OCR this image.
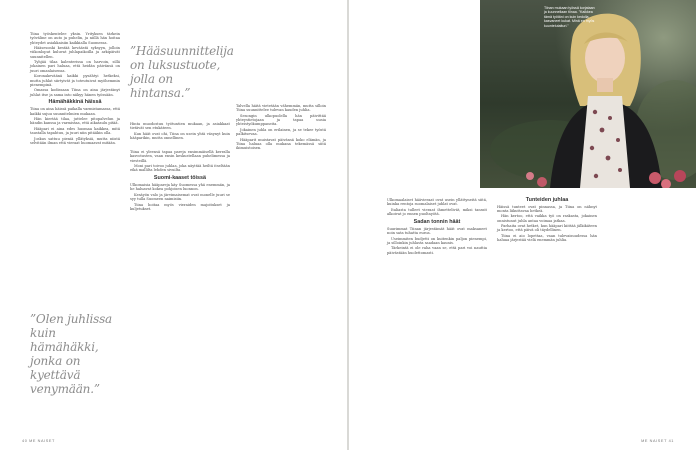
Tiina työskentelee yksin. Yrityksen tärkein työväline on auto ja puhelin, ja niillä hän hoitaa yhteydet asiakkaisiin kaikkialla Suomessa.

Hääsesonki kestää keväästä syksyyn, jolloin viikonloput kuluvat juhlapaikoilla ja arkipäivät suunnitellen.

Tyhjää tilaa kalenterissa on harvoin, sillä jokainen pari haluaa, että heidän päivänsä on juuri omanlaisensa.

Koronakeväänä kaikki pysähtyi hetkeksi, mutta juhlat siirtyivät ja toteutuivat myöhemmin pienempinä.

Omassa kodissaan Tiina on aina järjestänyt juhlat itse ja sama into näkyy hänen työssään.

Hämähäkkinä häissä

Tiina on aina häissä paikalla varmistamassa, että kaikki sujuu suunnitelmien mukaan.

Hän kiertää tilaa, juttelee pitopalvelun ja bändin kanssa ja varmistaa, että aikataulu pitää.

Hääpari ei aina edes huomaa kaikkea, mitä taustalla tapahtuu, ja juuri niin pitääkin olla.

Joskus sattuu pieniä yllätyksiä, mutta niistä selvitään ilman että vieraat huomaavat mitään.

”Olen juhlissa kuin hämähäkki, jonka on kyettävä venymään.”
”Hääsuunnittelija on luksustuote, jolla on hintansa.”

Hinta muodostuu työtuntien mukaan, ja asiakkaat tietävät sen etukäteen.

Kun häät ovat ohi, Tiina on usein yhtä väsynyt kuin hääparikin, mutta onnellinen.

Tiina ei yleensä tapaa pareja ensimmäisellä kerralla kasvotusten, vaan ensin keskustellaan puhelimessa ja viesteillä.

Moni pari toivoo juhlaa, joka näyttää heiltä itseltään eikä mallilta lehden sivuilta.

Suomi-kaaset töissä

Ulkomaisia hääpareja käy Suomessa yhä enemmän, ja he haluavat kokea pohjoisen luonnon.

Kesäyön valo ja järvimaisemat ovat monelle juuri se syy tulla Suomeen naimisiin.

Tiina hoitaa myös vieraiden majoitukset ja kuljetukset.

Talvella häitä vietetään vähemmän, mutta silloin Tiina suunnittelee tulevan kauden juhlia.

Sesongin ulkopuolella hän päivittää yhteystietojaan ja tapaa uusia yhteistyökumppaneita.

Jokainen juhla on erilainen, ja se tekee työstä palkitsevaa.

Hääparit muistavat päivänsä koko elämän, ja Tiina haluaa olla mukana tekemässä siitä ikimuistoisen.

40 ME NAISET
Tiinan mukaan työssä korjataan ja kuunnellaan tiinaa. ”Kaikkea tämä työtäni on kuin kedolla kasvaneet kukat. Minä en myös kuuntelutaituri.”

Ulkomaalaiset häävieraat ovat usein yllättyneitä siitä, kuinka rentoja suomalaiset juhlat ovat.

Italiasta tulleet vieraat ihmettelivät, miksi tanssit alkoivat jo ennen puoltayötä.

Sadan tonnin häät

Suurimmat Tiinan järjestämät häät ovat maksaneet noin sata tuhatta euroa.

Useimmiten budjetti on kuitenkin paljon pienempi, ja silloinkin juhlasta saadaan kaunis.

Tärkeintä ei ole raha vaan se, että pari voi nauttia päivästään huolettomasti.

Tunteiden juhlaa

Häissä tunteet ovat pinnassa, ja Tiina on nähnyt monta liikuttavaa hetkeä.

Hän kertoo, että vaikka työ on raskasta, jokainen onnistunut juhla antaa voimaa jatkaa.

Parhaita ovat hetket, kun hääpari kiittää jälkikäteen ja kertoo, että päivä oli täydellinen.

Tiina ei aio lopettaa, vaan tulevaisuudessa hän haluaa järjestää vielä enemmän juhlia.

ME NAISET 41
